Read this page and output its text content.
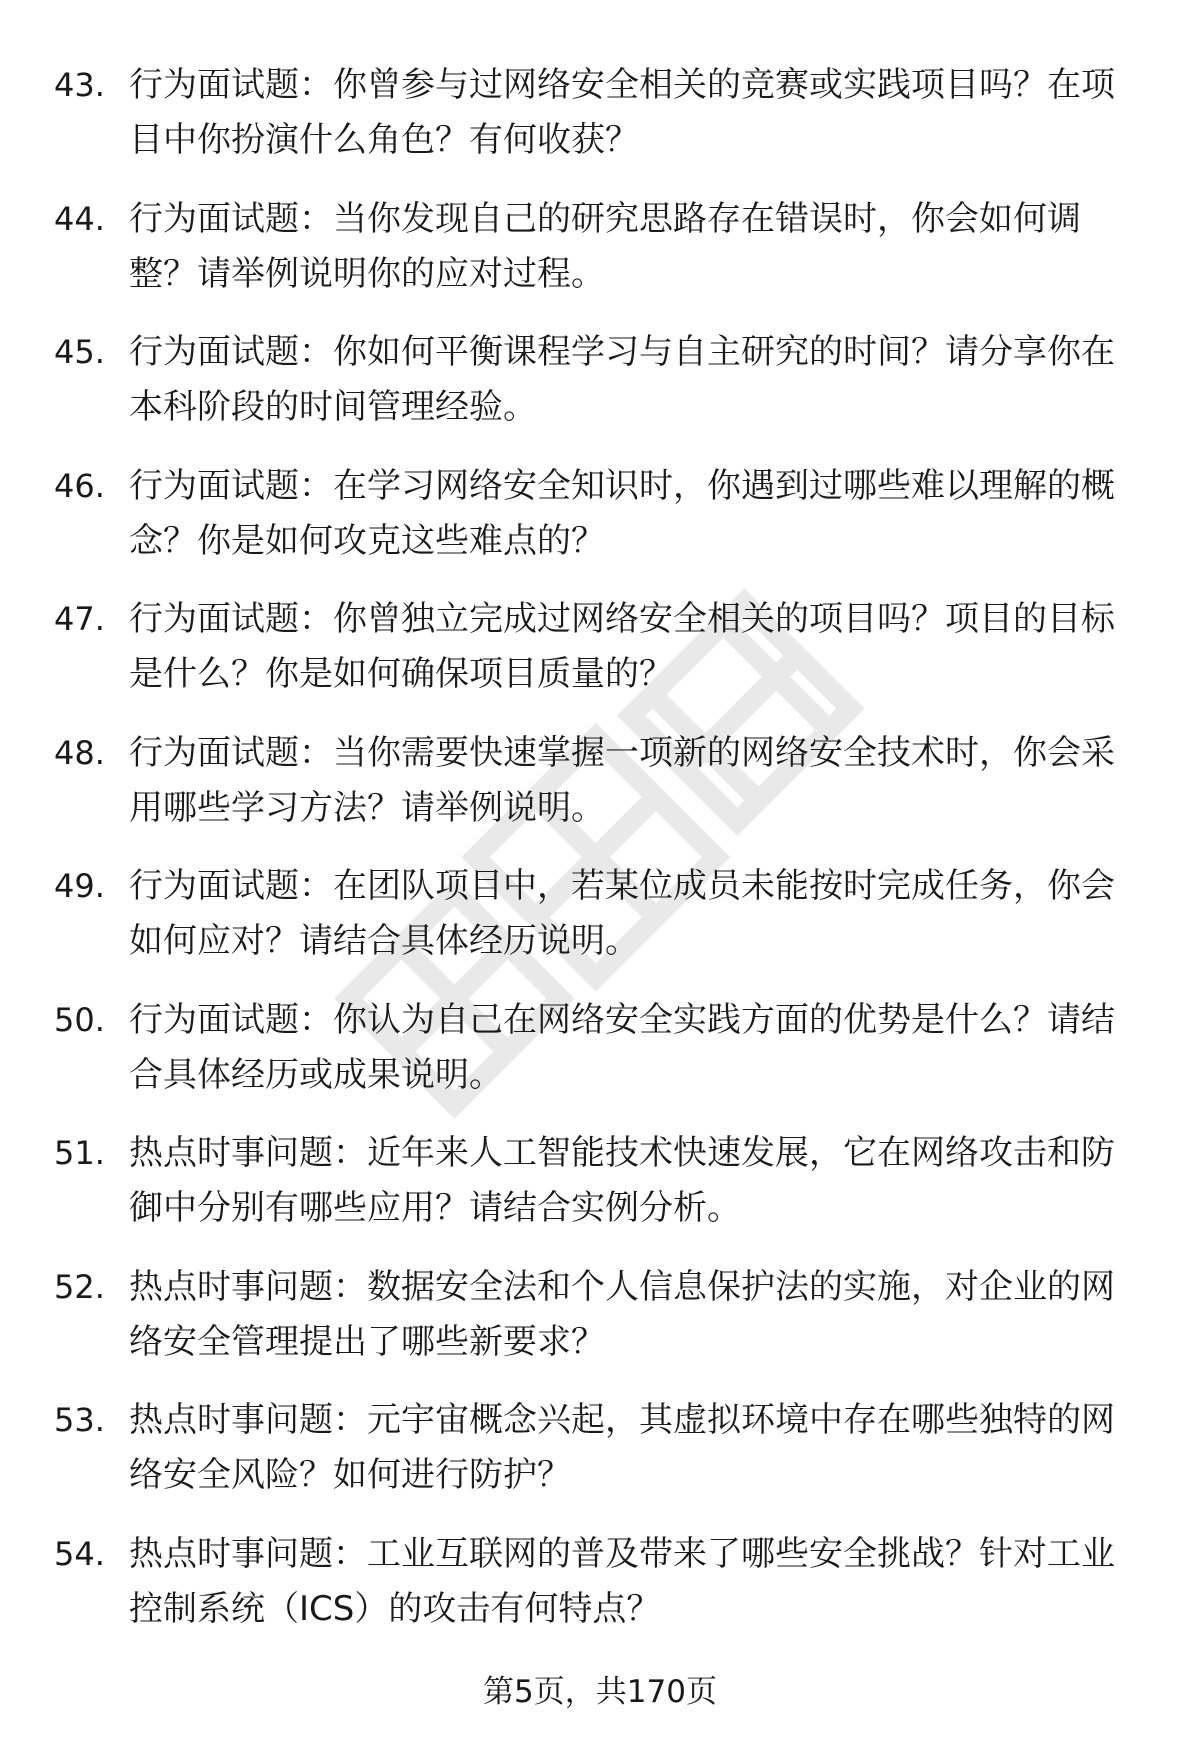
43. 行为面试题：你曾参与过网络安全相关的竞赛或实践项目吗？在项目中你扮演什么角色？有何收获？
44. 行为面试题：当你发现自己的研究思路存在错误时，你会如何调整？请举例说明你的应对过程。
45. 行为面试题：你如何平衡课程学习与自主研究的时间？请分享你在本科阶段的时间管理经验。
46. 行为面试题：在学习网络安全知识时，你遇到过哪些难以理解的概念？你是如何攻克这些难点的？
47. 行为面试题：你曾独立完成过网络安全相关的项目吗？项目的目标是什么？你是如何确保项目质量的？
48. 行为面试题：当你需要快速掌握一项新的网络安全技术时，你会采用哪些学习方法？请举例说明。
49. 行为面试题：在团队项目中，若某位成员未能按时完成任务，你会如何应对？请结合具体经历说明。
50. 行为面试题：你认为自己在网络安全实践方面的优势是什么？请结合具体经历或成果说明。
51. 热点时事问题：近年来人工智能技术快速发展，它在网络攻击和防御中分别有哪些应用？请结合实例分析。
52. 热点时事问题：数据安全法和个人信息保护法的实施，对企业的网络安全管理提出了哪些新要求？
53. 热点时事问题：元宇宙概念兴起，其虚拟环境中存在哪些独特的网络安全风险？如何进行防护？
54. 热点时事问题：工业互联网的普及带来了哪些安全挑战？针对工业控制系统（ICS）的攻击有何特点？
第5页，共170页
